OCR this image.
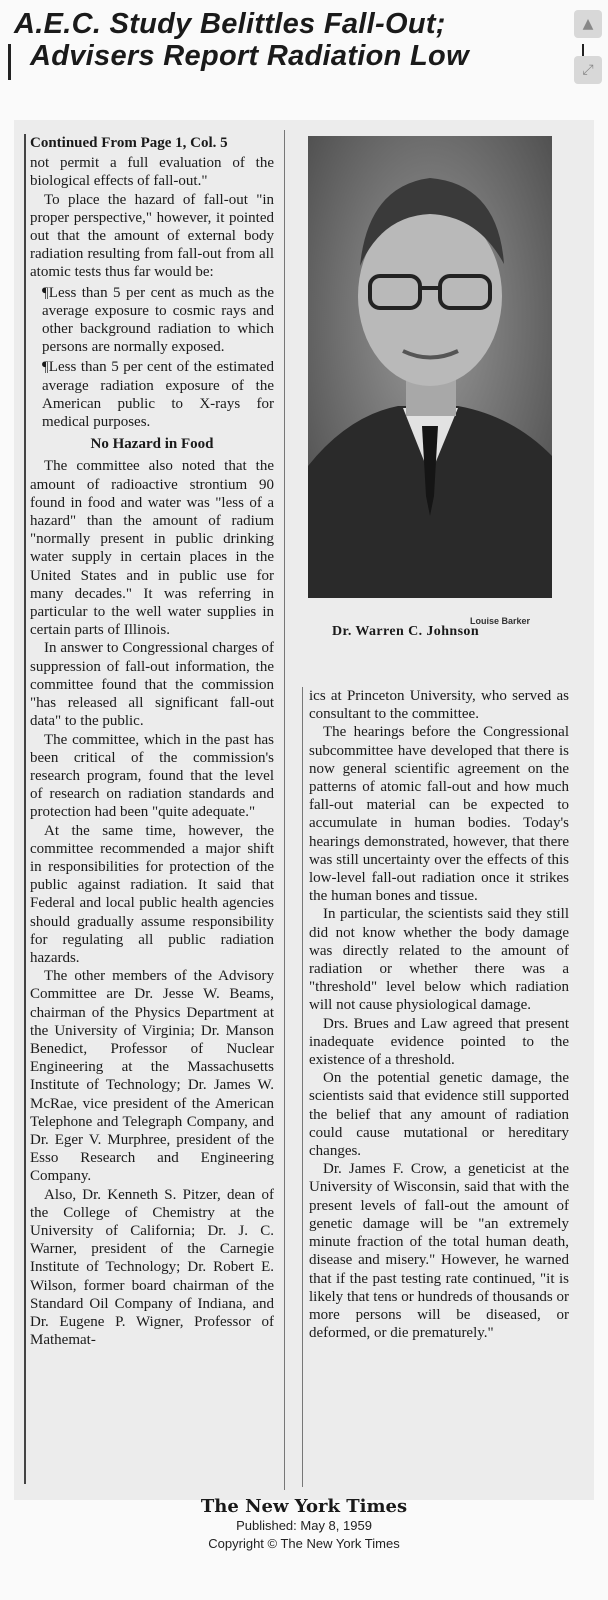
A.E.C. Study Belittles Fall-Out;
Advisers Report Radiation Low
▲
⤢

Continued From Page 1, Col. 5

not permit a full evaluation of the biological effects of fall-out."

To place the hazard of fall-out "in proper perspective," however, it pointed out that the amount of external body radiation resulting from fall-out from all atomic tests thus far would be:

¶Less than 5 per cent as much as the average exposure to cosmic rays and other background radiation to which persons are normally exposed.

¶Less than 5 per cent of the estimated average radiation exposure of the American public to X-rays for medical purposes.

No Hazard in Food

The committee also noted that the amount of radioactive strontium 90 found in food and water was "less of a hazard" than the amount of radium "normally present in public drinking water supply in certain places in the United States and in public use for many decades." It was referring in particular to the well water supplies in certain parts of Illinois.

In answer to Congressional charges of suppression of fall-out information, the committee found that the commission "has released all significant fall-out data" to the public.

The committee, which in the past has been critical of the commission's research program, found that the level of research on radiation standards and protection had been "quite adequate."

At the same time, however, the committee recommended a major shift in responsibilities for protection of the public against radiation. It said that Federal and local public health agencies should gradually assume responsibility for regulating all public radiation hazards.

The other members of the Advisory Committee are Dr. Jesse W. Beams, chairman of the Physics Department at the University of Virginia; Dr. Manson Benedict, Professor of Nuclear Engineering at the Massachusetts Institute of Technology; Dr. James W. McRae, vice president of the American Telephone and Telegraph Company, and Dr. Eger V. Murphree, president of the Esso Research and Engineering Company.

Also, Dr. Kenneth S. Pitzer, dean of the College of Chemistry at the University of California; Dr. J. C. Warner, president of the Carnegie Institute of Technology; Dr. Robert E. Wilson, former board chairman of the Standard Oil Company of Indiana, and Dr. Eugene P. Wigner, Professor of Mathemat-

Louise Barker
Dr. Warren C. Johnson

ics at Princeton University, who served as consultant to the committee.

The hearings before the Congressional subcommittee have developed that there is now general scientific agreement on the patterns of atomic fall-out and how much fall-out material can be expected to accumulate in human bodies. Today's hearings demonstrated, however, that there was still uncertainty over the effects of this low-level fall-out radiation once it strikes the human bones and tissue.

In particular, the scientists said they still did not know whether the body damage was directly related to the amount of radiation or whether there was a "threshold" level below which radiation will not cause physiological damage.

Drs. Brues and Law agreed that present inadequate evidence pointed to the existence of a threshold.

On the potential genetic damage, the scientists said that evidence still supported the belief that any amount of radiation could cause mutational or hereditary changes.

Dr. James F. Crow, a geneticist at the University of Wisconsin, said that with the present levels of fall-out the amount of genetic damage will be "an extremely minute fraction of the total human death, disease and misery." However, he warned that if the past testing rate continued, "it is likely that tens or hundreds of thousands or more persons will be diseased, or deformed, or die prematurely."

The New York Times
Published: May 8, 1959
Copyright © The New York Times
